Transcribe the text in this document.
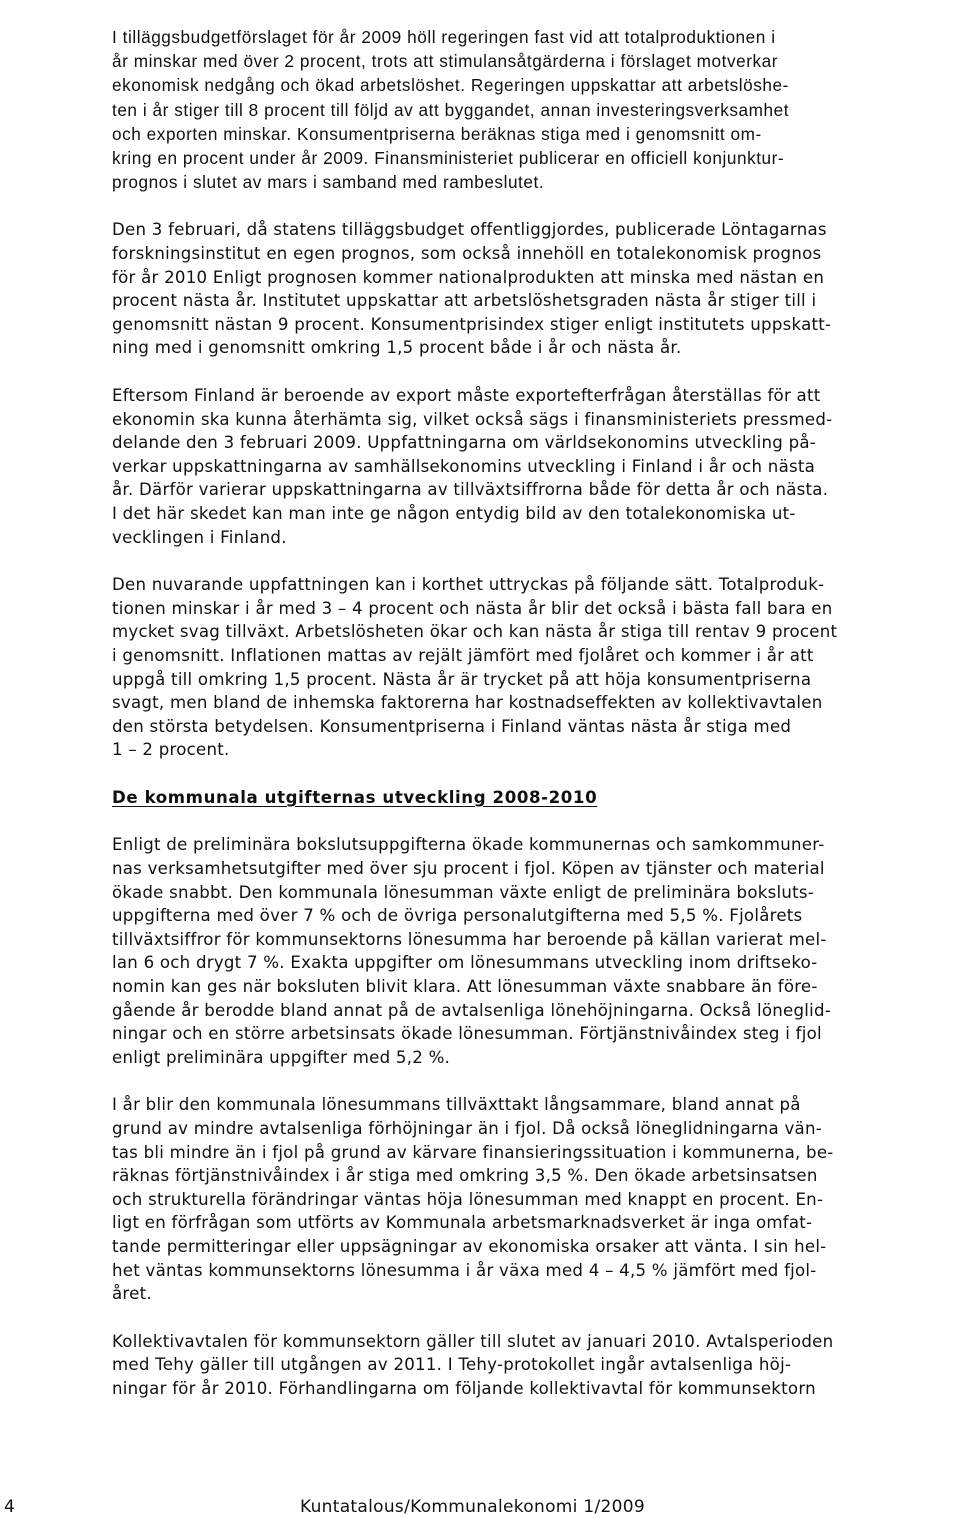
I tilläggsbudgetförslaget för år 2009 höll regeringen fast vid att totalproduktionen i
år minskar med över 2 procent, trots att stimulansåtgärderna i förslaget motverkar
ekonomisk nedgång och ökad arbetslöshet. Regeringen uppskattar att arbetslöshe-
ten i år stiger till 8 procent till följd av att byggandet, annan investeringsverksamhet
och exporten minskar. Konsumentpriserna beräknas stiga med i genomsnitt om-
kring en procent under år 2009. Finansministeriet publicerar en officiell konjunktur-
prognos i slutet av mars i samband med rambeslutet.

Den 3 februari, då statens tilläggsbudget offentliggjordes, publicerade Löntagarnas
forskningsinstitut en egen prognos, som också innehöll en totalekonomisk prognos
för år 2010 Enligt prognosen kommer nationalprodukten att minska med nästan en
procent nästa år. Institutet uppskattar att arbetslöshetsgraden nästa år stiger till i
genomsnitt nästan 9 procent. Konsumentprisindex stiger enligt institutets uppskatt-
ning med i genomsnitt omkring 1,5 procent både i år och nästa år.

Eftersom Finland är beroende av export måste exportefterfrågan återställas för att
ekonomin ska kunna återhämta sig, vilket också sägs i finansministeriets pressmed-
delande den 3 februari 2009. Uppfattningarna om världsekonomins utveckling på-
verkar uppskattningarna av samhällsekonomins utveckling i Finland i år och nästa
år. Därför varierar uppskattningarna av tillväxtsiffrorna både för detta år och nästa.
I det här skedet kan man inte ge någon entydig bild av den totalekonomiska ut-
vecklingen i Finland.

Den nuvarande uppfattningen kan i korthet uttryckas på följande sätt. Totalproduk-
tionen minskar i år med 3 – 4 procent och nästa år blir det också i bästa fall bara en
mycket svag tillväxt. Arbetslösheten ökar och kan nästa år stiga till rentav 9 procent
i genomsnitt. Inflationen mattas av rejält jämfört med fjolåret och kommer i år att
uppgå till omkring 1,5 procent. Nästa år är trycket på att höja konsumentpriserna
svagt, men bland de inhemska faktorerna har kostnadseffekten av kollektivavtalen
den största betydelsen. Konsumentpriserna i Finland väntas nästa år stiga med
1 – 2 procent.

De kommunala utgifternas utveckling 2008-2010

Enligt de preliminära bokslutsuppgifterna ökade kommunernas och samkommuner-
nas verksamhetsutgifter med över sju procent i fjol. Köpen av tjänster och material
ökade snabbt. Den kommunala lönesumman växte enligt de preliminära boksluts-
uppgifterna med över 7 % och de övriga personalutgifterna med 5,5 %. Fjolårets
tillväxtsiffror för kommunsektorns lönesumma har beroende på källan varierat mel-
lan 6 och drygt 7 %. Exakta uppgifter om lönesummans utveckling inom driftseko-
nomin kan ges när boksluten blivit klara. Att lönesumman växte snabbare än före-
gående år berodde bland annat på de avtalsenliga lönehöjningarna. Också löneglid-
ningar och en större arbetsinsats ökade lönesumman. Förtjänstnivåindex steg i fjol
enligt preliminära uppgifter med 5,2 %.

I år blir den kommunala lönesummans tillväxttakt långsammare, bland annat på
grund av mindre avtalsenliga förhöjningar än i fjol. Då också löneglidningarna vän-
tas bli mindre än i fjol på grund av kärvare finansieringssituation i kommunerna, be-
räknas förtjänstnivåindex i år stiga med omkring 3,5 %. Den ökade arbetsinsatsen
och strukturella förändringar väntas höja lönesumman med knappt en procent. En-
ligt en förfrågan som utförts av Kommunala arbetsmarknadsverket är inga omfat-
tande permitteringar eller uppsägningar av ekonomiska orsaker att vänta. I sin hel-
het väntas kommunsektorns lönesumma i år växa med 4 – 4,5 % jämfört med fjol-
året.

Kollektivavtalen för kommunsektorn gäller till slutet av januari 2010. Avtalsperioden
med Tehy gäller till utgången av 2011. I Tehy-protokollet ingår avtalsenliga höj-
ningar för år 2010. Förhandlingarna om följande kollektivavtal för kommunsektorn

4	Kuntatalous/Kommunalekonomi 1/2009
